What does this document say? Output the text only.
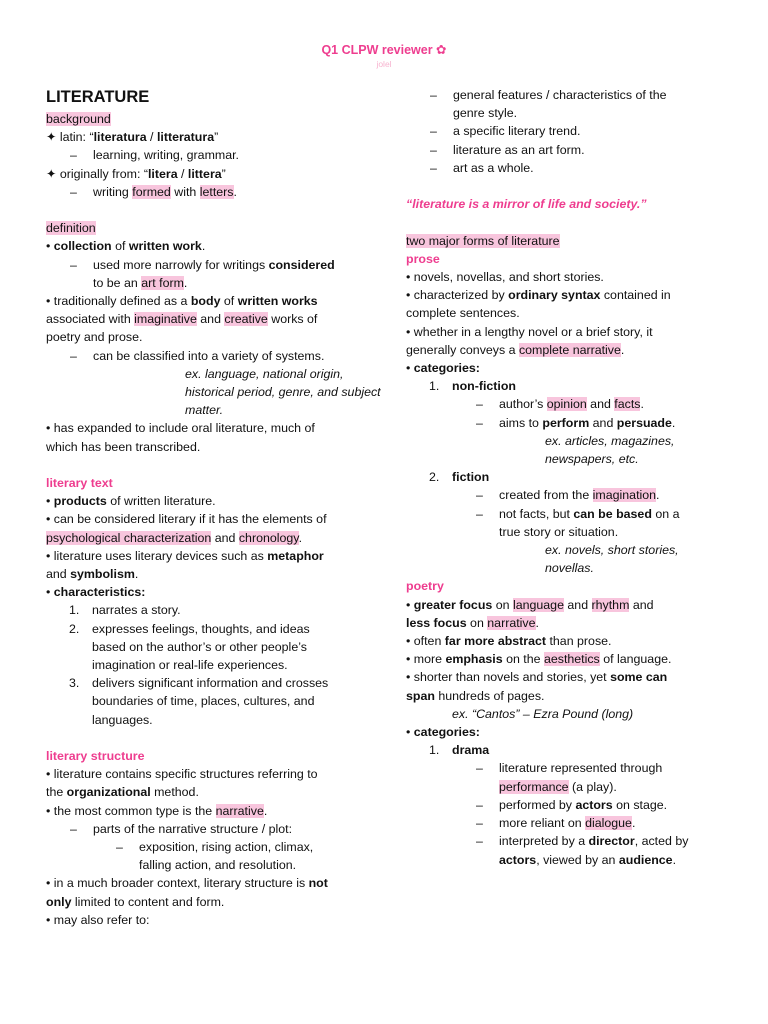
Q1 CLPW reviewer ✿
jolel
LITERATURE
background
✦ latin: “literatura / litteratura”
–	learning, writing, grammar.
✦ originally from: “litera / littera”
–	writing formed with letters.
definition
• collection of written work.
–	used more narrowly for writings considered
to be an art form.
• traditionally defined as a body of written works
associated with imaginative and creative works of
poetry and prose.
–	can be classified into a variety of systems.
ex. language, national origin,
historical period, genre, and subject
matter.
• has expanded to include oral literature, much of
which has been transcribed.
literary text
• products of written literature.
• can be considered literary if it has the elements of
psychological characterization and chronology.
• literature uses literary devices such as metaphor
and symbolism.
• characteristics:
1.	narrates a story.
2.	expresses feelings, thoughts, and ideas
based on the author’s or other people’s
imagination or real-life experiences.
3.	delivers significant information and crosses
boundaries of time, places, cultures, and
languages.
literary structure
• literature contains specific structures referring to
the organizational method.
• the most common type is the narrative.
–	parts of the narrative structure / plot:
–	exposition, rising action, climax,
falling action, and resolution.
• in a much broader context, literary structure is not
only limited to content and form.
• may also refer to:
–	general features / characteristics of the
genre style.
–	a specific literary trend.
–	literature as an art form.
–	art as a whole.
“literature is a mirror of life and society.”
two major forms of literature
prose
• novels, novellas, and short stories.
• characterized by ordinary syntax contained in
complete sentences.
• whether in a lengthy novel or a brief story, it
generally conveys a complete narrative.
• categories:
1.	non-fiction
–	author’s opinion and facts.
–	aims to perform and persuade.
ex. articles, magazines,
newspapers, etc.
2.	fiction
–	created from the imagination.
–	not facts, but can be based on a
true story or situation.
ex. novels, short stories,
novellas.
poetry
• greater focus on language and rhythm and
less focus on narrative.
• often far more abstract than prose.
• more emphasis on the aesthetics of language.
• shorter than novels and stories, yet some can
span hundreds of pages.
ex. “Cantos” – Ezra Pound (long)
• categories:
1.	drama
–	literature represented through
performance (a play).
–	performed by actors on stage.
–	more reliant on dialogue.
–	interpreted by a director, acted by
actors, viewed by an audience.
